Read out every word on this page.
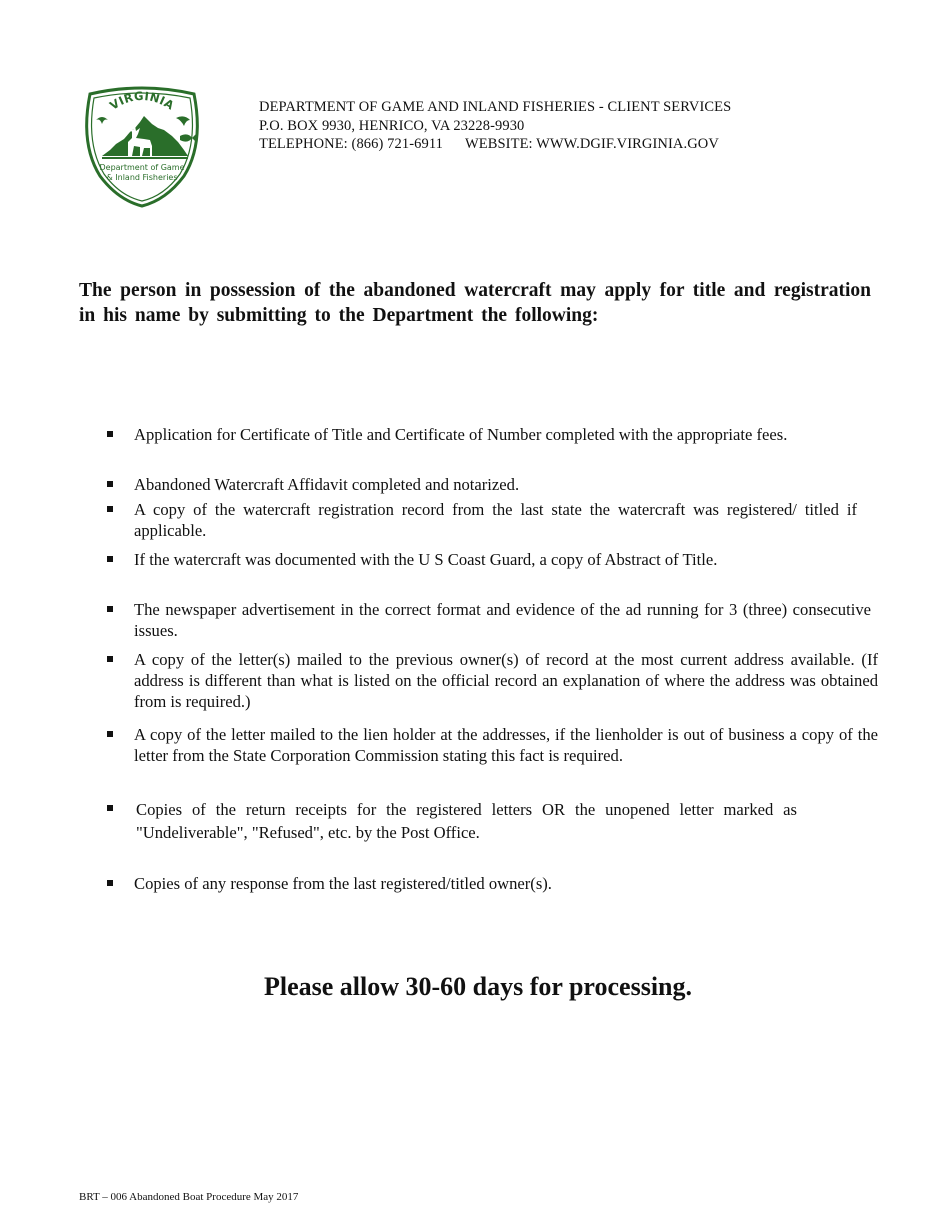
VIRGINIA
Department of Game
& Inland Fisheries
DEPARTMENT OF GAME AND INLAND FISHERIES - CLIENT SERVICES
P.O. BOX 9930, HENRICO, VA 23228-9930
TELEPHONE: (866) 721-6911 WEBSITE: WWW.DGIF.VIRGINIA.GOV
The person in possession of the abandoned watercraft may apply for title and registration in his name by submitting to the Department the following:
Application for Certificate of Title and Certificate of Number completed with the appropriate fees.
Abandoned Watercraft Affidavit completed and notarized.
A copy of the watercraft registration record from the last state the watercraft was registered/ titled if applicable.
If the watercraft was documented with the U S Coast Guard, a copy of Abstract of Title.
The newspaper advertisement in the correct format and evidence of the ad running for 3 (three) consecutive issues.
A copy of the letter(s) mailed to the previous owner(s) of record at the most current address available. (If address is different than what is listed on the official record an explanation of where the address was obtained from is required.)
A copy of the letter mailed to the lien holder at the addresses, if the lienholder is out of business a copy of the letter from the State Corporation Commission stating this fact is required.
Copies of the return receipts for the registered letters OR the unopened letter marked as "Undeliverable", "Refused", etc. by the Post Office.
Copies of any response from the last registered/titled owner(s).
Please allow 30-60 days for processing.
BRT – 006 Abandoned Boat Procedure May 2017
